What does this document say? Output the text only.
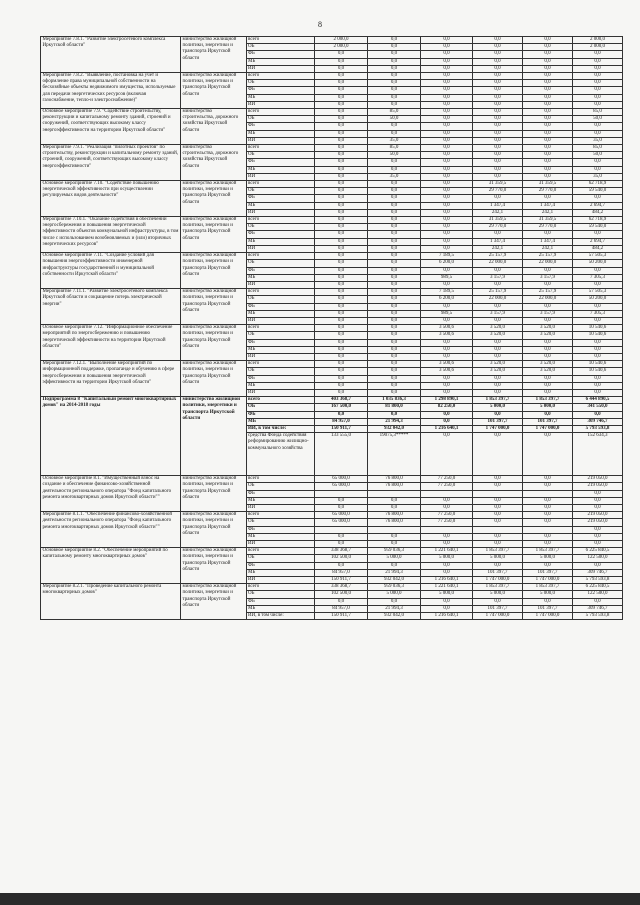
8
Мероприятие 7.8.1. "Развитие электросетевого комплекса Иркутской области"	министерство жилищной политики, энергетики и транспорта Иркутской области	всего	2 000,0	0,0	0,0	0,0	0,0	2 000,0
		ОБ	2 000,0	0,0	0,0	0,0	0,0	2 000,0
		ФБ	0,0	0,0	0,0	0,0	0,0	0,0
		МБ	0,0	0,0	0,0	0,0	0,0	0,0
		ИИ	0,0	0,0	0,0	0,0	0,0	0,0
Мероприятие 7.8.2. "Выявление, постановка на учет и оформление права муниципальной собственности на бесхозяйные объекты недвижимого имущества, используемые для передачи энергетических ресурсов (включая газоснабжение, тепло-и электроснабжение)"	министерство жилищной политики, энергетики и транспорта Иркутской области	всего	0,0	0,0	0,0	0,0	0,0	0,0
		ОБ	0,0	0,0	0,0	0,0	0,0	0,0
		ФБ	0,0	0,0	0,0	0,0	0,0	0,0
		МБ	0,0	0,0	0,0	0,0	0,0	0,0
		ИИ	0,0	0,0	0,0	0,0	0,0	0,0
Основное мероприятие 7.9. "Содействие строительству, реконструкции и капитальному ремонту зданий, строений и сооружений, соответствующих высокому классу энергоэффективности на территории Иркутской области"	министерство строительства, дорожного хозяйства Иркутской области	всего	0,0	85,0	0,0	0,0	0,0	85,0
		ОБ	0,0	50,0	0,0	0,0	0,0	50,0
		ФБ	0,0	0,0	0,0	0,0	0,0	0,0
		МБ	0,0	0,0	0,0	0,0	0,0	0,0
		ИИ	0,0	35,0	0,0	0,0	0,0	35,0
Мероприятие 7.9.1. "Реализация "пилотных проектов" по строительству, реконструкции и капитальному ремонту зданий, строений, сооружений, соответствующих высокому классу энергоэффективности"	министерство строительства, дорожного хозяйства Иркутской области	всего	0,0	85,0	0,0	0,0	0,0	85,0
		ОБ	0,0	50,0	0,0	0,0	0,0	50,0
		ФБ	0,0	0,0	0,0	0,0	0,0	0,0
		МБ	0,0	0,0	0,0	0,0	0,0	0,0
		ИИ	0,0	35,0	0,0	0,0	0,0	35,0
Основное мероприятие 7.10. "Содействие повышению энергетической эффективности при осуществлении регулируемых видов деятельности"	министерство жилищной политики, энергетики и транспорта Иркутской области	всего	0,0	0,0	0,0	31 359,5	31 359,5	62 718,9
		ОБ	0,0	0,0	0,0	29 770,0	29 770,0	59 540,0
		ФБ	0,0	0,0	0,0	0,0	0,0	0,0
		МБ	0,0	0,0	0,0	1 347,4	1 347,4	2 694,7
		ИИ	0,0	0,0	0,0	242,1	242,1	484,2
Мероприятие 7.10.1. "Оказание содействия в обеспечении энергосбережения и повышения энергетической эффективности объектов коммунальной инфраструктуры, в том числе с использованием возобновляемых и (или) вторичных энергетических ресурсов"	министерство жилищной политики, энергетики и транспорта Иркутской области	всего	0,0	0,0	0,0	31 359,5	31 359,5	62 718,9
		ОБ	0,0	0,0	0,0	29 770,0	29 770,0	59 540,0
		ФБ	0,0	0,0	0,0	0,0	0,0	0,0
		МБ	0,0	0,0	0,0	1 347,4	1 347,4	2 694,7
		ИИ	0,0	0,0	0,0	242,1	242,1	484,2
Основное мероприятие 7.11. "Создание условий для повышения энергоэффективности инженерной инфраструктуры государственной и муниципальной собственности Иркутской области"	министерство жилищной политики, энергетики и транспорта Иркутской области	всего	0,0	0,0	7 189,5	25 157,9	25 157,9	57 505,3
		ОБ	0,0	0,0	6 200,0	22 000,0	22 000,0	50 200,0
		ФБ	0,0	0,0	0,0	0,0	0,0	0,0
		МБ	0,0	0,0	989,5	3 157,9	3 157,9	7 305,3
		ИИ	0,0	0,0	0,0	0,0	0,0	0,0
Мероприятие 7.11.1. "Развитие электросетевого комплекса Иркутской области и сокращение потерь электрической энергии"	министерство жилищной политики, энергетики и транспорта Иркутской области	всего	0,0	0,0	7 189,5	25 157,9	25 157,9	57 505,3
		ОБ	0,0	0,0	6 200,0	22 000,0	22 000,0	50 200,0
		ФБ	0,0	0,0	0,0	0,0	0,0	0,0
		МБ	0,0	0,0	989,5	3 157,9	3 157,9	7 305,3
		ИИ	0,0	0,0	0,0	0,0	0,0	0,0
Основное мероприятие 7.12. "Информационное обеспечение мероприятий по энергосбережению и повышению энергетической эффективности на территории Иркутской области"	министерство жилищной политики, энергетики и транспорта Иркутской области	всего	0,0	0,0	3 500,6	3 520,0	3 520,0	10 540,6
		ОБ	0,0	0,0	3 500,6	3 520,0	3 520,0	10 540,6
		ФБ	0,0	0,0	0,0	0,0	0,0	0,0
		МБ	0,0	0,0	0,0	0,0	0,0	0,0
		ИИ	0,0	0,0	0,0	0,0	0,0	0,0
Мероприятие 7.12.1. "Выполнение мероприятий по информационной поддержке, пропаганде и обучению в сфере энергосбережения и повышения энергетической эффективности на территории Иркутской области"	министерство жилищной политики, энергетики и транспорта Иркутской области	всего	0,0	0,0	3 500,6	3 520,0	3 520,0	10 540,6
		ОБ	0,0	0,0	3 500,6	3 520,0	3 520,0	10 540,6
		ФБ	0,0	0,0	0,0	0,0	0,0	0,0
		МБ	0,0	0,0	0,0	0,0	0,0	0,0
		ИИ	0,0	0,0	0,0	0,0	0,0	0,0
Подпрограмма 8 "Капитальный ремонт многоквартирных домов" на 2014-2018 годы	министерство жилищной политики, энергетики и транспорта Иркутской области	всего	403 368,7	1 035 836,3	1 298 890,1	1 853 397,7	1 853 397,7	6 444 890,5
		ОБ	167 500,0	81 800,0	82 250,0	5 000,0	5 000,0	341 550,0
		ФБ	0,0	0,0	0,0	0,0	0,0	0,0
		МБ	84 957,0	21 994,3	0,0	101 397,7	101 397,7	309 746,7
		ИИ, в том числе:	150 911,7	932 042,0	1 216 640,1	1 747 000,0	1 747 000,0	5 793 593,8
		средства Фонда содействия реформированию жилищно-коммунального хозяйства	133 555,0	19075,3*****	0,0	0,0	0,0	152 634,3
Основное мероприятие 8.1. "Имущественный взнос на создание и обеспечение финансово-хозяйственной деятельности регионального оператора "Фонд капитального ремонта многоквартирных домов Иркутской области""	министерство жилищной политики, энергетики и транспорта Иркутской области	всего	65 000,0	76 800,0	77 250,0	0,0	0,0	219 050,0
		ОБ	65 000,0	76 800,0	77 250,0	0,0	0,0	219 050,0
		ФБ						0,0
		МБ	0,0	0,0	0,0	0,0	0,0	0,0
		ИИ	0,0	0,0	0,0	0,0	0,0	0,0
Мероприятие 8.1.1. "Обеспечение финансово-хозяйственной деятельности регионального оператора "Фонд капитального ремонта многоквартирных домов Иркутской области""	министерство жилищной политики, энергетики и транспорта Иркутской области	всего	65 000,0	76 800,0	77 250,0	0,0	0,0	219 050,0
		ОБ	65 000,0	76 800,0	77 250,0	0,0	0,0	219 050,0
		ФБ						0,0
		МБ	0,0	0,0	0,0	0,0	0,0	0,0
		ИИ	0,0	0,0	0,0	0,0	0,0	0,0
Основное мероприятие 8.2. "Обеспечение мероприятий по капитальному ремонту многоквартирных домов"	министерство жилищной политики, энергетики и транспорта Иркутской области	всего	338 368,7	959 036,3	1 221 640,1	1 853 397,7	1 853 397,7	6 225 840,5
		ОБ	102 500,0	5 000,0	5 000,0	5 000,0	5 000,0	122 500,0
		ФБ	0,0	0,0	0,0	0,0	0,0	0,0
		МБ	84 957,0	21 994,3	0,0	101 397,7	101 397,7	309 746,7
		ИИ	150 911,7	932 042,0	1 216 640,1	1 747 000,0	1 747 000,0	5 793 593,8
Мероприятие 8.2.1. "Проведение капитального ремонта многоквартирных домов"	министерство жилищной политики, энергетики и транспорта Иркутской области	всего	338 368,7	959 036,3	1 221 640,1	1 853 397,7	1 853 397,7	6 225 840,5
		ОБ	102 500,0	5 000,0	5 000,0	5 000,0	5 000,0	122 500,0
		ФБ	0,0	0,0	0,0	0,0	0,0	0,0
		МБ	84 957,0	21 994,3	0,0	101 397,7	101 397,7	309 746,7
		ИИ, в том числе:	150 911,7	932 042,0	1 216 640,1	1 747 000,0	1 747 000,0	5 793 593,8
